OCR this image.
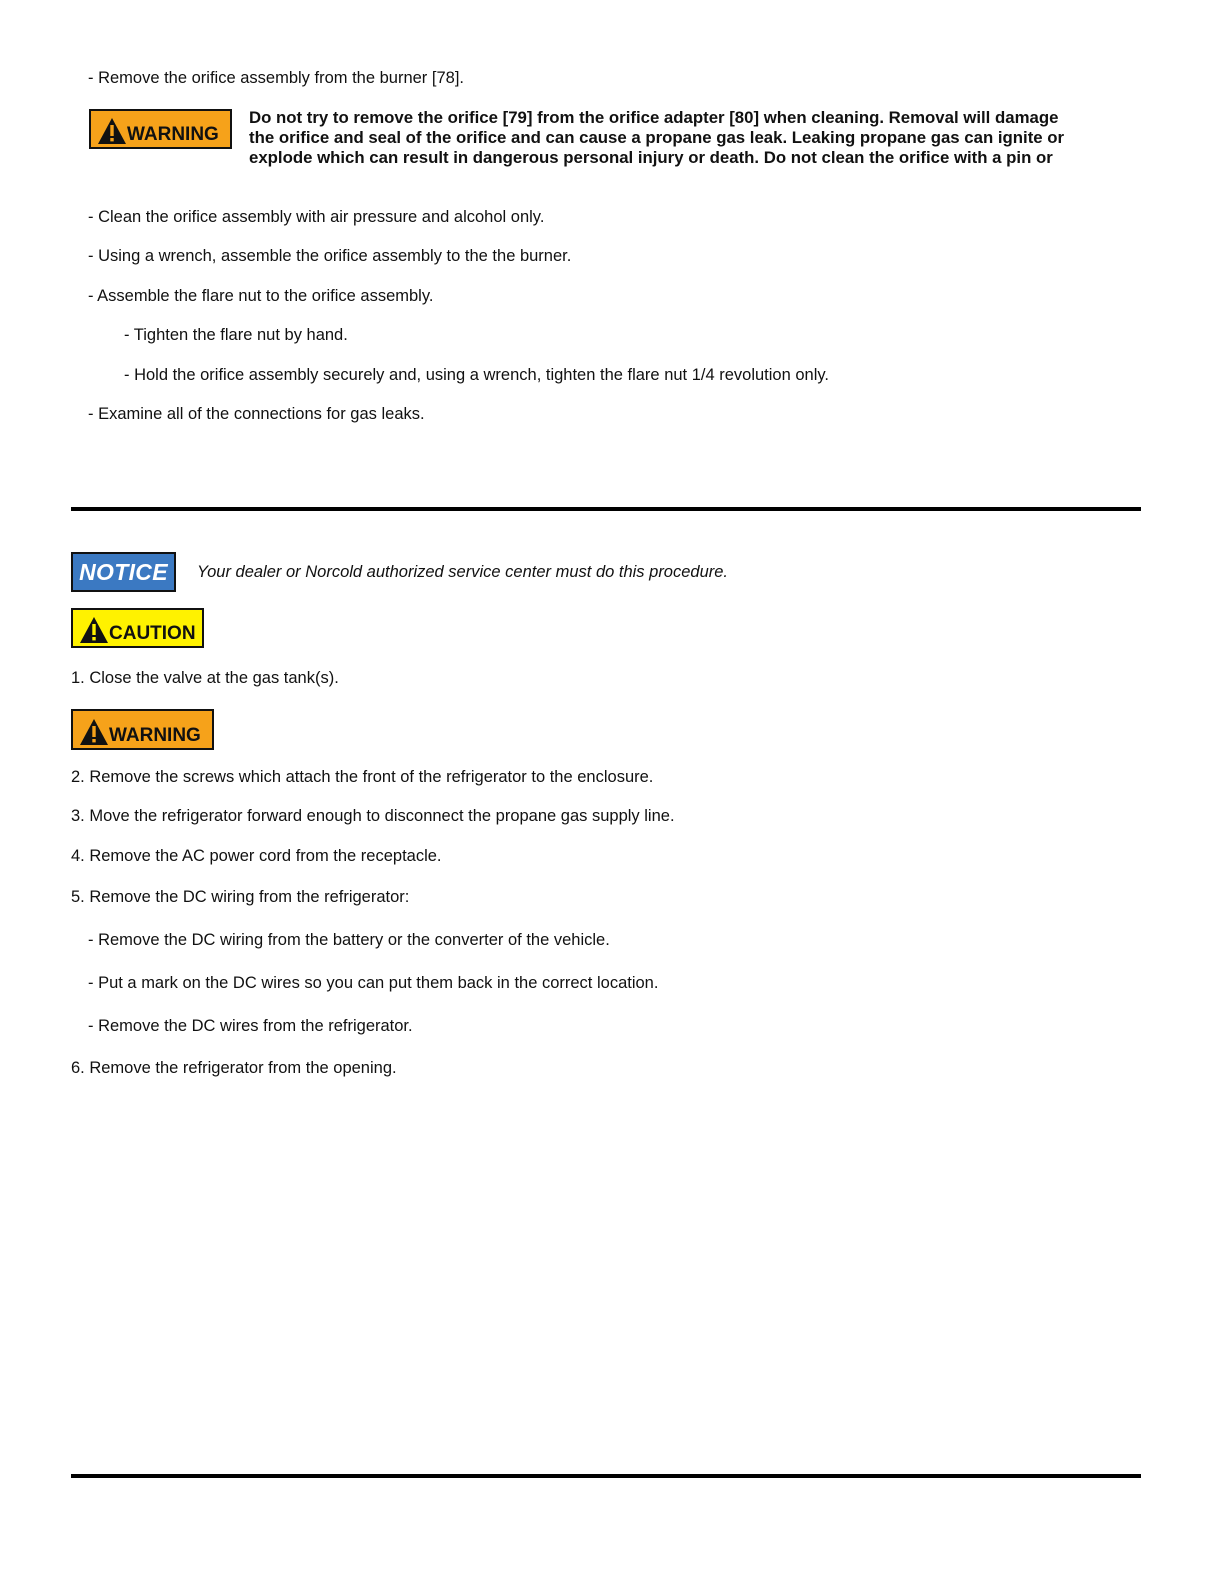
- Remove the orifice assembly from the burner [78].
WARNING
Do not try to remove the orifice [79] from the orifice adapter [80] when cleaning. Removal will damage
the orifice and seal of the orifice and can cause a propane gas leak. Leaking propane gas can ignite or
explode which can result in dangerous personal injury or death. Do not clean the orifice with a pin or
- Clean the orifice assembly with air pressure and alcohol only.
- Using a wrench, assemble the orifice assembly to the the burner.
- Assemble the flare nut to the orifice assembly.
- Tighten the flare nut by hand.
- Hold the orifice assembly securely and, using a wrench, tighten the flare nut 1/4 revolution only.
- Examine all of the connections for gas leaks.
NOTICE	Your dealer or Norcold authorized service center must do this procedure.
CAUTION
1. Close the valve at the gas tank(s).
WARNING
2. Remove the screws which attach the front of the refrigerator to the enclosure.
3. Move the refrigerator forward enough to disconnect the propane gas supply line.
4. Remove the AC power cord from the receptacle.
5. Remove the DC wiring from the refrigerator:
- Remove the DC wiring from the battery or the converter of the vehicle.
- Put a mark on the DC wires so you can put them back in the correct location.
- Remove the DC wires from the refrigerator.
6. Remove the refrigerator from the opening.
